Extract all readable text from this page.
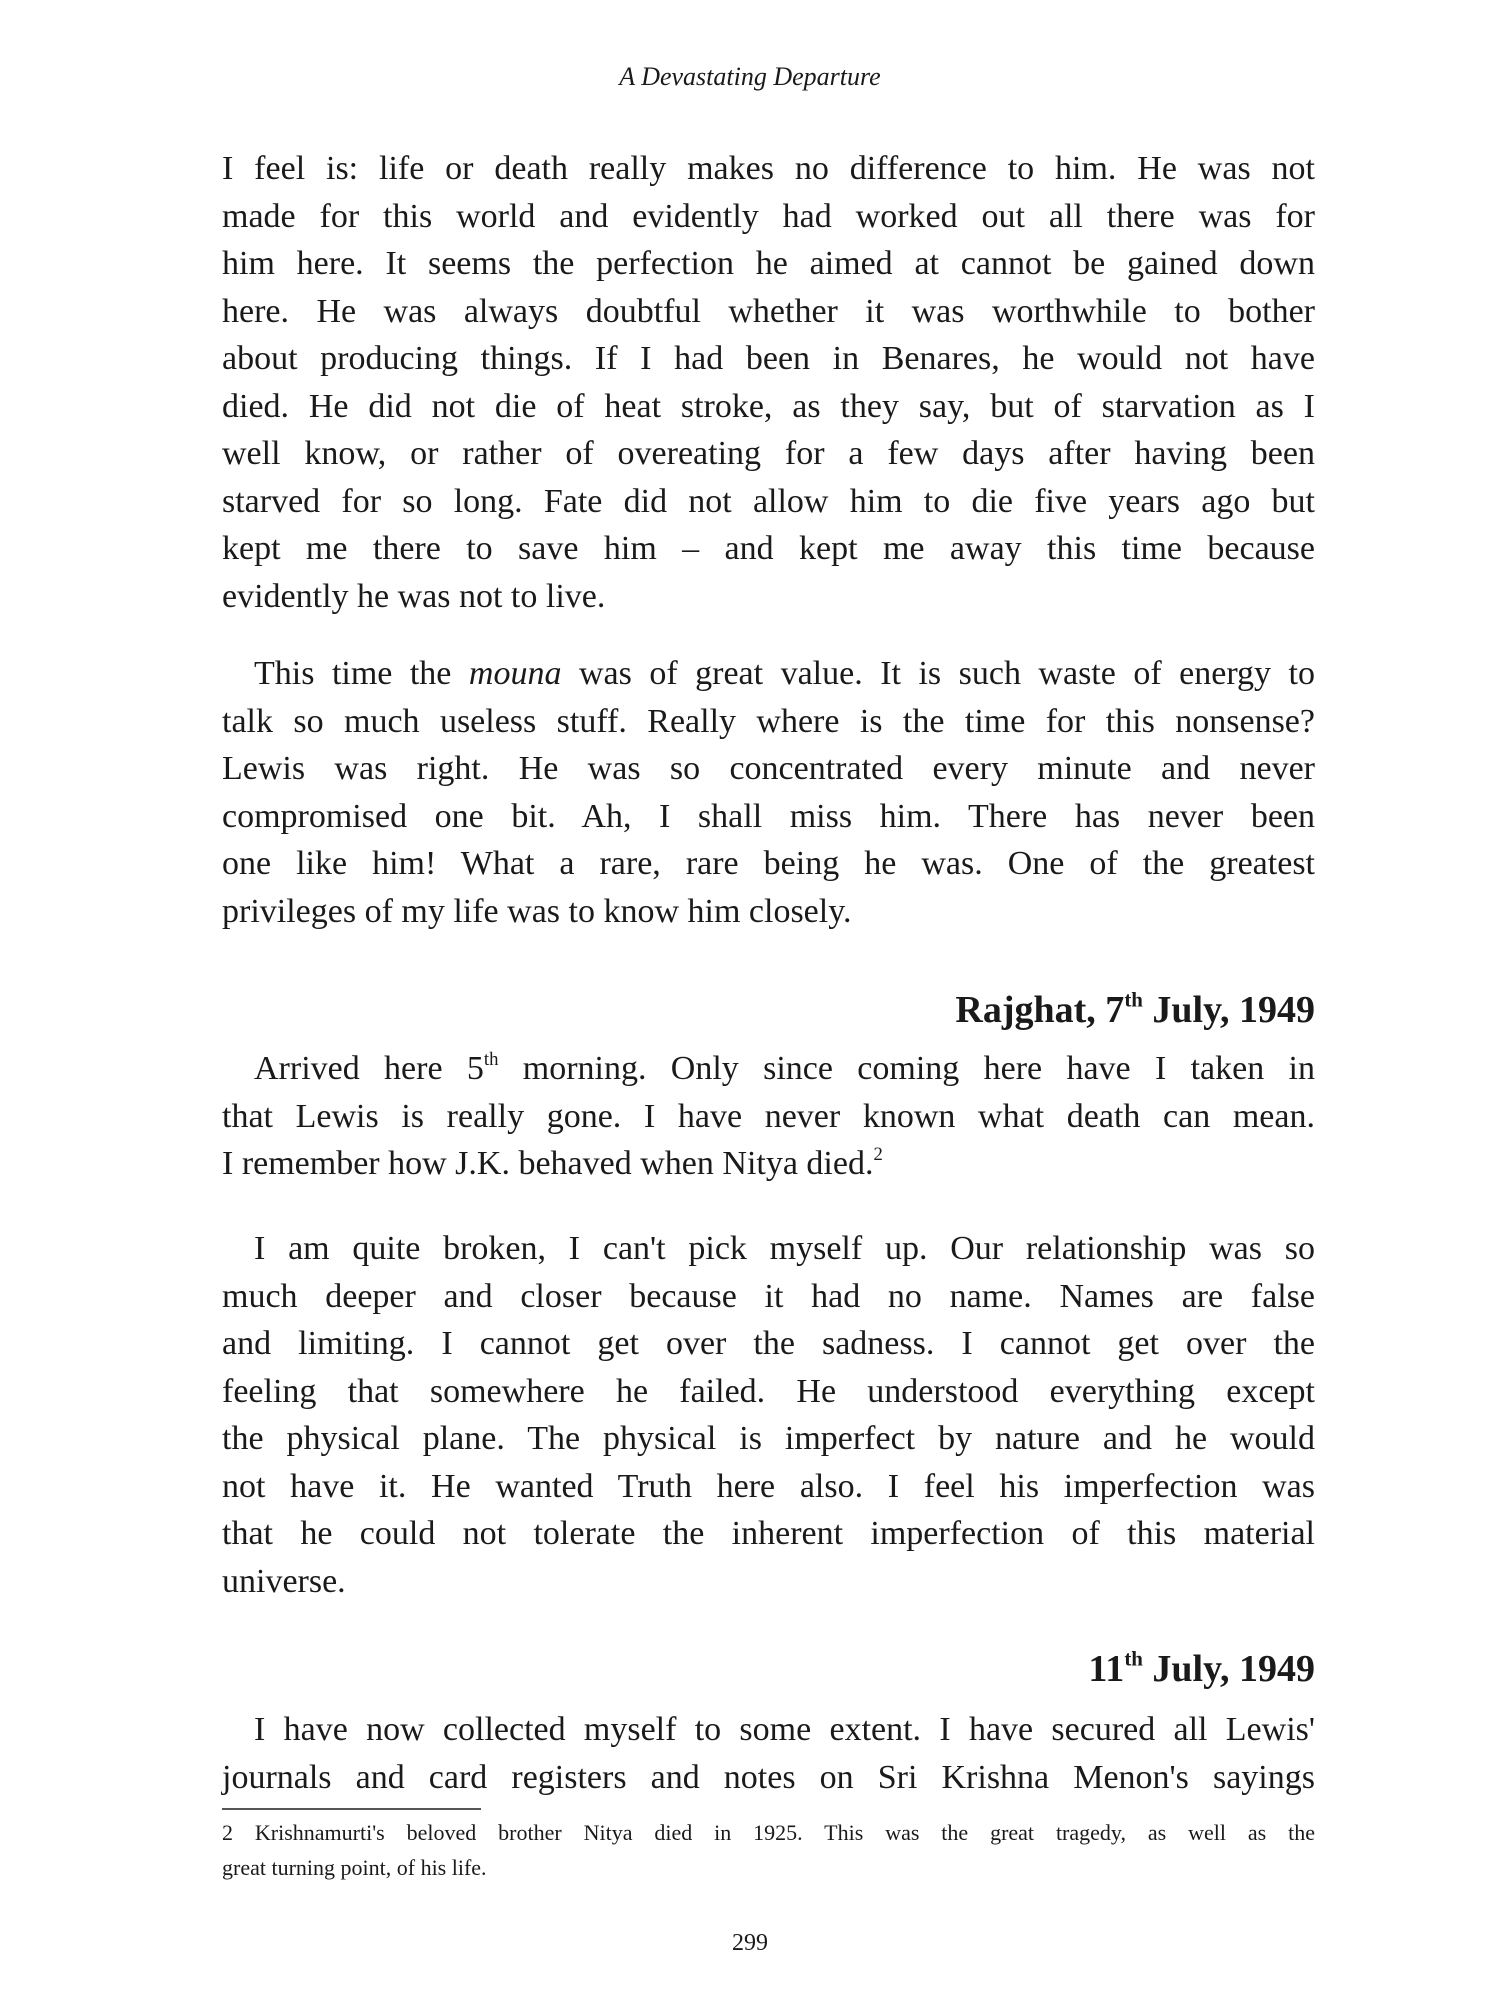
A Devastating Departure
I feel is: life or death really makes no difference to him. He was not
made for this world and evidently had worked out all there was for
him here. It seems the perfection he aimed at cannot be gained down
here. He was always doubtful whether it was worthwhile to bother
about producing things. If I had been in Benares, he would not have
died. He did not die of heat stroke, as they say, but of starvation as I
well know, or rather of overeating for a few days after having been
starved for so long. Fate did not allow him to die five years ago but
kept me there to save him – and kept me away this time because
evidently he was not to live.
This time the mouna was of great value. It is such waste of energy to
talk so much useless stuff. Really where is the time for this nonsense?
Lewis was right. He was so concentrated every minute and never
compromised one bit. Ah, I shall miss him. There has never been
one like him! What a rare, rare being he was. One of the greatest
privileges of my life was to know him closely.
Rajghat, 7th July, 1949
Arrived here 5th morning. Only since coming here have I taken in
that Lewis is really gone. I have never known what death can mean.
I remember how J.K. behaved when Nitya died.$^2$
I am quite broken, I can't pick myself up. Our relationship was so
much deeper and closer because it had no name. Names are false
and limiting. I cannot get over the sadness. I cannot get over the
feeling that somewhere he failed. He understood everything except
the physical plane. The physical is imperfect by nature and he would
not have it. He wanted Truth here also. I feel his imperfection was
that he could not tolerate the inherent imperfection of this material
universe.
11th July, 1949
I have now collected myself to some extent. I have secured all Lewis'
journals and card registers and notes on Sri Krishna Menon's sayings
2 Krishnamurti's beloved brother Nitya died in 1925. This was the great tragedy, as well as the
great turning point, of his life.
299
